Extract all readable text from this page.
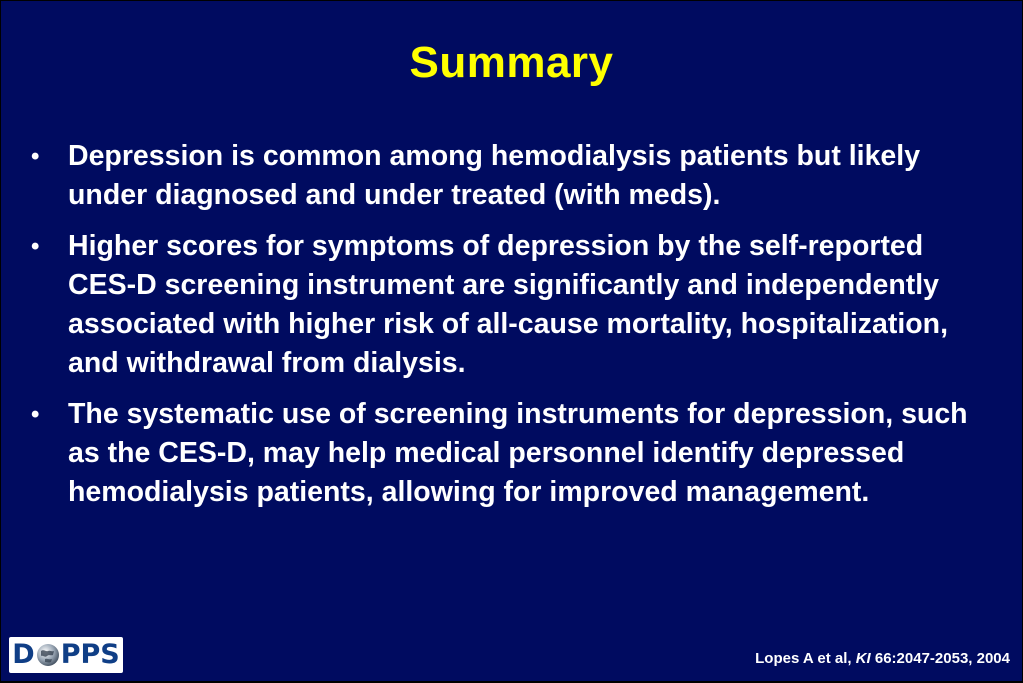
Summary
•	Depression is common among hemodialysis patients but likely under diagnosed and under treated (with meds).
•	Higher scores for symptoms of depression by the self-reported CES-D screening instrument are significantly and independently associated with higher risk of all-cause mortality, hospitalization, and withdrawal from dialysis.
•	The systematic use of screening instruments for depression, such as the CES-D, may help medical personnel identify depressed hemodialysis patients, allowing for improved management.
D PPS	Lopes A et al, KI 66:2047-2053, 2004
